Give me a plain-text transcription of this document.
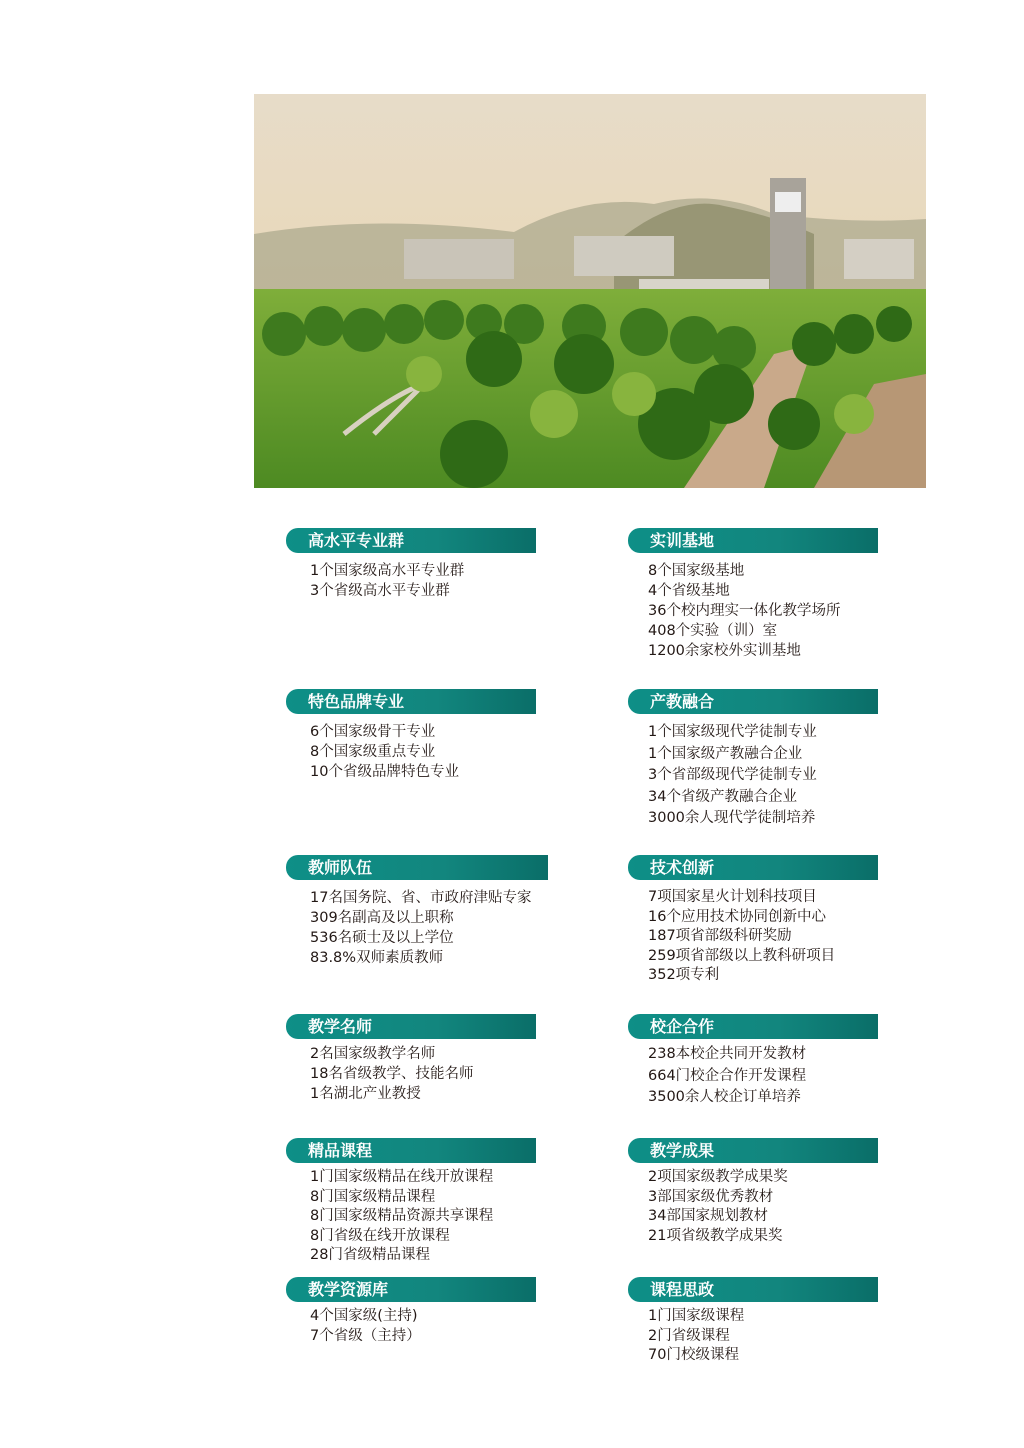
高水平专业群
1个国家级高水平专业群
3个省级高水平专业群
实训基地
8个国家级基地
4个省级基地
36个校内理实一体化教学场所
408个实验（训）室
1200余家校外实训基地
特色品牌专业
6个国家级骨干专业
8个国家级重点专业
10个省级品牌特色专业
产教融合
1个国家级现代学徒制专业
1个国家级产教融合企业
3个省部级现代学徒制专业
34个省级产教融合企业
3000余人现代学徒制培养
教师队伍
17名国务院、省、市政府津贴专家
309名副高及以上职称
536名硕士及以上学位
83.8%双师素质教师
技术创新
7项国家星火计划科技项目
16个应用技术协同创新中心
187项省部级科研奖励
259项省部级以上教科研项目
352项专利
教学名师
2名国家级教学名师
18名省级教学、技能名师
1名湖北产业教授
校企合作
238本校企共同开发教材
664门校企合作开发课程
3500余人校企订单培养
精品课程
1门国家级精品在线开放课程
8门国家级精品课程
8门国家级精品资源共享课程
8门省级在线开放课程
28门省级精品课程
教学成果
2项国家级教学成果奖
3部国家级优秀教材
34部国家规划教材
21项省级教学成果奖
教学资源库
4个国家级(主持)
7个省级（主持）
课程思政
1门国家级课程
2门省级课程
70门校级课程
